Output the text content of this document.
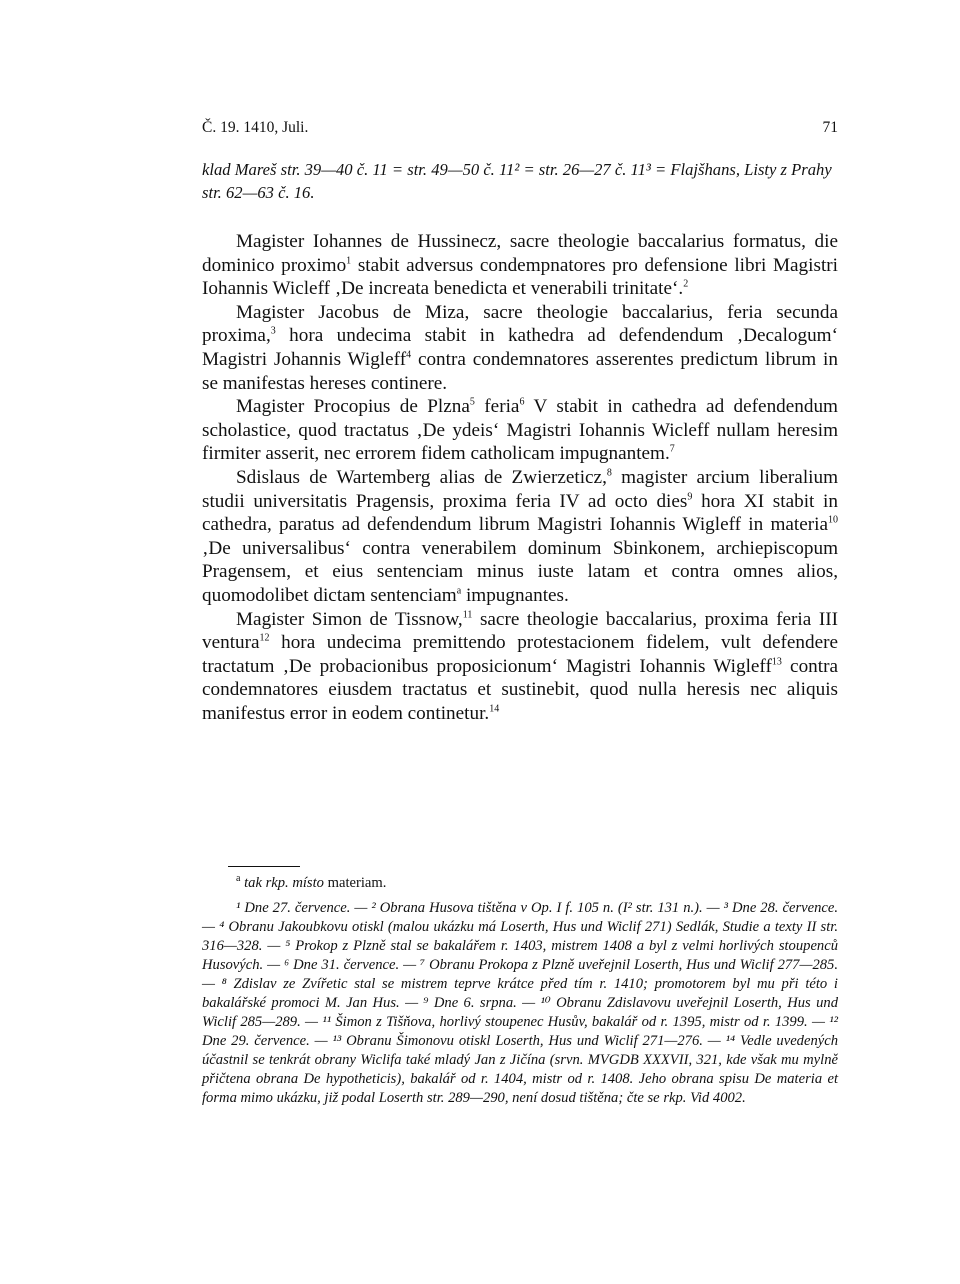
Č. 19. 1410, Juli.	71
klad Mareš str. 39—40 č. 11 = str. 49—50 č. 11² = str. 26—27 č. 11³ = Flajšhans, Listy z Prahy str. 62—63 č. 16.

Magister Iohannes de Hussinecz, sacre theologie baccalarius formatus, die dominico proximo$^1$ stabit adversus condempnatores pro defensione libri Magistri Iohannis Wicleff ‚De increata benedicta et venerabili trinitate‘.$^2$

Magister Jacobus de Miza, sacre theologie baccalarius, feria secunda proxima,$^3$ hora undecima stabit in kathedra ad defendendum ‚Decalogum‘ Magistri Johannis Wigleff$^4$ contra condemnatores asserentes predictum librum in se manifestas hereses continere.

Magister Procopius de Plzna$^5$ feria$^6$ V stabit in cathedra ad defendendum scholastice, quod tractatus ‚De ydeis‘ Magistri Iohannis Wicleff nullam heresim firmiter asserit, nec errorem fidem catholicam impugnantem.$^7$

Sdislaus de Wartemberg alias de Zwierzeticz,$^8$ magister arcium liberalium studii universitatis Pragensis, proxima feria IV ad octo dies$^9$ hora XI stabit in cathedra, paratus ad defendendum librum Magistri Iohannis Wigleff in materia$^{10}$ ‚De universalibus‘ contra venerabilem dominum Sbinkonem, archiepiscopum Pragensem, et eius sentenciam minus iuste latam et contra omnes alios, quomodolibet dictam sentenciam$^a$ impugnantes.

Magister Simon de Tissnow,$^{11}$ sacre theologie baccalarius, proxima feria III ventura$^{12}$ hora undecima premittendo protestacionem fidelem, vult defendere tractatum ‚De probacionibus proposicionum‘ Magistri Iohannis Wigleff$^{13}$ contra condemnatores eiusdem tractatus et sustinebit, quod nulla heresis nec aliquis manifestus error in eodem continetur.$^{14}$

$^a$ tak rkp. místo materiam.

¹ Dne 27. července. — ² Obrana Husova tištěna v Op. I f. 105 n. (I² str. 131 n.). — ³ Dne 28. července. — ⁴ Obranu Jakoubkovu otiskl (malou ukázku má Loserth, Hus und Wiclif 271) Sedlák, Studie a texty II str. 316—328. — ⁵ Prokop z Plzně stal se bakalářem r. 1403, mistrem 1408 a byl z velmi horlivých stoupenců Husových. — ⁶ Dne 31. července. — ⁷ Obranu Prokopa z Plzně uveřejnil Loserth, Hus und Wiclif 277—285. — ⁸ Zdislav ze Zvířetic stal se mistrem teprve krátce před tím r. 1410; promotorem byl mu při této i bakalářské promoci M. Jan Hus. — ⁹ Dne 6. srpna. — ¹⁰ Obranu Zdislavovu uveřejnil Loserth, Hus und Wiclif 285—289. — ¹¹ Šimon z Tišňova, horlivý stoupenec Husův, bakalář od r. 1395, mistr od r. 1399. — ¹² Dne 29. července. — ¹³ Obranu Šimonovu otiskl Loserth, Hus und Wiclif 271—276. — ¹⁴ Vedle uvedených účastnil se tenkrát obrany Wiclifa také mladý Jan z Jičína (srvn. MVGDB XXXVII, 321, kde však mu mylně přičtena obrana De hypotheticis), bakalář od r. 1404, mistr od r. 1408. Jeho obrana spisu De materia et forma mimo ukázku, již podal Loserth str. 289—290, není dosud tištěna; čte se rkp. Vid 4002.
